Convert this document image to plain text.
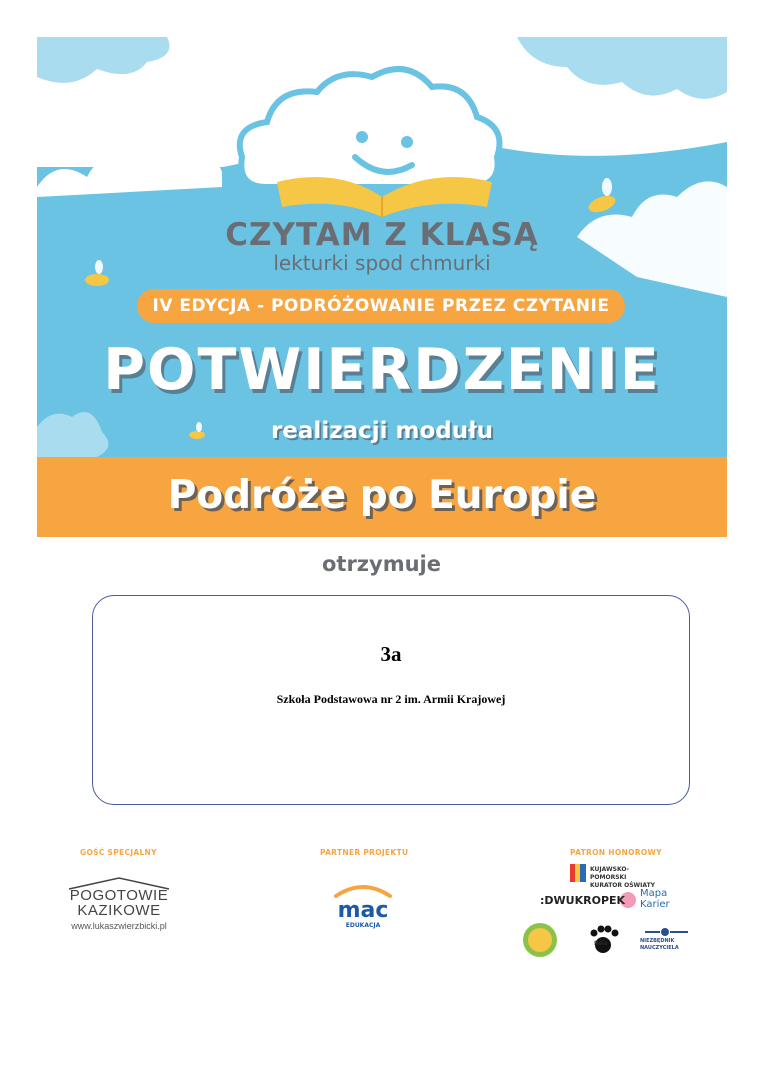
CZYTAM Z KLASĄ
lekturki spod chmurki
IV EDYCJA - PODRÓŻOWANIE PRZEZ CZYTANIE
POTWIERDZENIE
realizacji modułu
Podróże po Europie
otrzymuje
3a
Szkoła Podstawowa nr 2 im. Armii Krajowej
GOŚĆ SPECJALNY	PARTNER PROJEKTU	PATRON HONOROWY
POGOTOWIE
KAZIKOWE
www.lukaszwierzbicki.pl
mac
EDUKACJA
KUJAWSKO-POMORSKI KURATOR OŚWIATY
:DWUKROPEK
Mapa Karier
Nela	NIEZBĘDNIK NAUCZYCIELA
